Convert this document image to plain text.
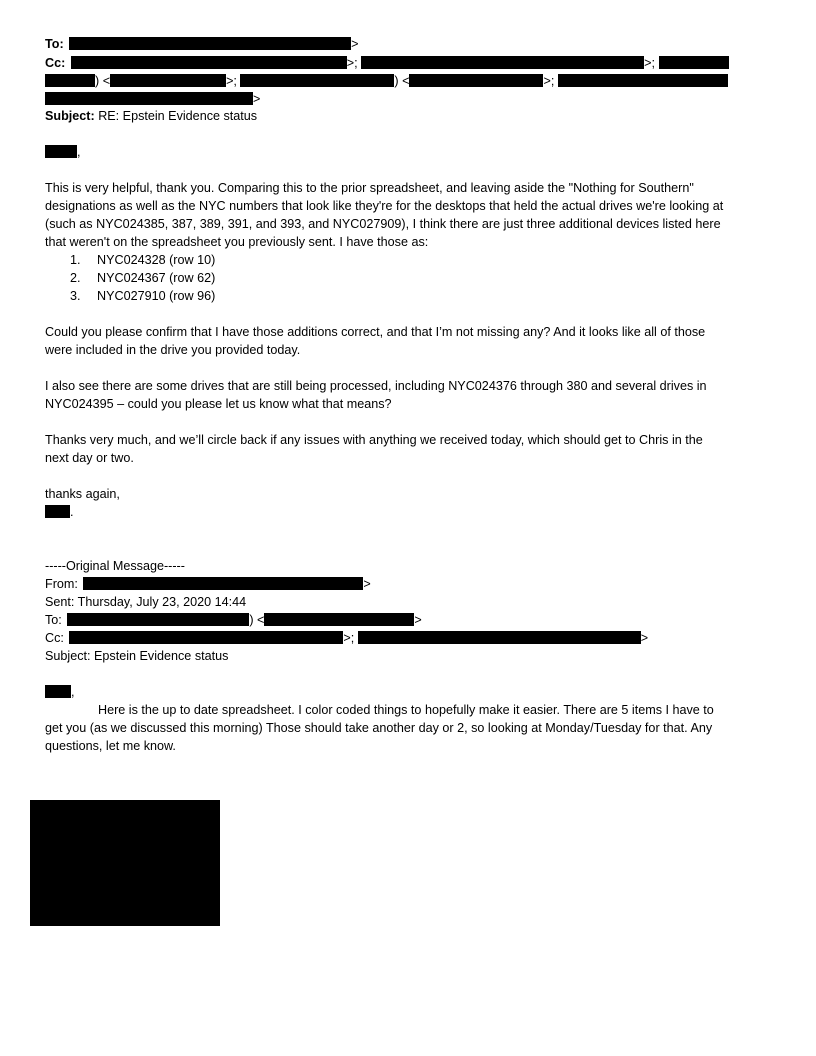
To:	>
Cc:	>;	>;
) <	>;	) <	>;
>
Subject: RE: Epstein Evidence status
,
This is very helpful, thank you. Comparing this to the prior spreadsheet, and leaving aside the "Nothing for Southern"
designations as well as the NYC numbers that look like they're for the desktops that held the actual drives we're looking at
(such as NYC024385, 387, 389, 391, and 393, and NYC027909), I think there are just three additional devices listed here
that weren't on the spreadsheet you previously sent. I have those as:
1. NYC024328 (row 10)
2. NYC024367 (row 62)
3. NYC027910 (row 96)
Could you please confirm that I have those additions correct, and that I’m not missing any? And it looks like all of those
were included in the drive you provided today.
I also see there are some drives that are still being processed, including NYC024376 through 380 and several drives in
NYC024395 – could you please let us know what that means?
Thanks very much, and we’ll circle back if any issues with anything we received today, which should get to Chris in the
next day or two.
thanks again,
.
-----Original Message-----
From:	>
Sent: Thursday, July 23, 2020 14:44
To:	) <	>
Cc:	>;	>
Subject: Epstein Evidence status
,
Here is the up to date spreadsheet. I color coded things to hopefully make it easier. There are 5 items I have to
get you (as we discussed this morning) Those should take another day or 2, so looking at Monday/Tuesday for that. Any
questions, let me know.
